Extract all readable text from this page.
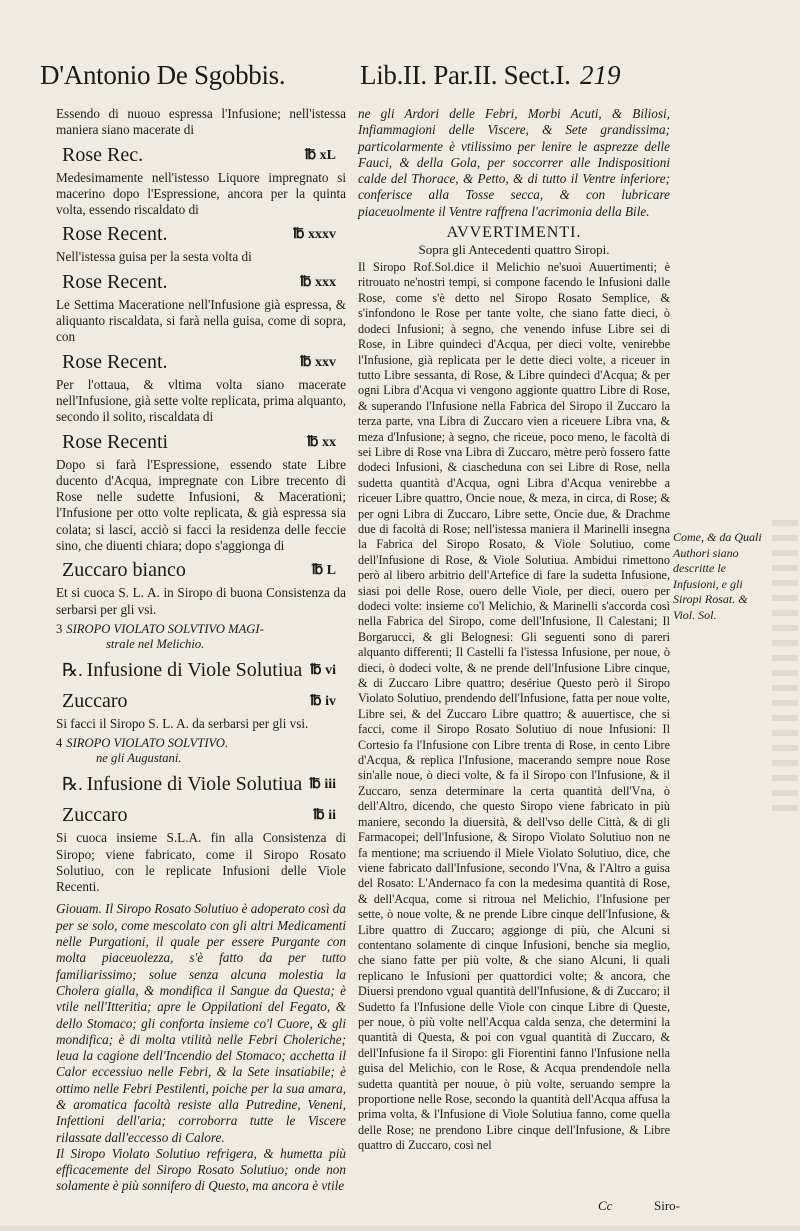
D'Antonio De Sgobbis.	Lib.II. Par.II. Sect.I. 219

Essendo di nuouo espressa l'Infusione; nell'istessa maniera siano macerate di

Rose Rec.	℔ xL

Medesimamente nell'istesso Liquore impregnato si macerino dopo l'Espressione, ancora per la quinta volta, essendo riscaldato di

Rose Recent.	℔ xxxv

Nell'istessa guisa per la sesta volta di

Rose Recent.	℔ xxx

Le Settima Maceratione nell'Infusione già espressa, & aliquanto riscaldata, si farà nella guisa, come di sopra, con

Rose Recent.	℔ xxv

Per l'ottaua, & vltima volta siano macerate nell'Infusione, già sette volte replicata, prima alquanto, secondo il solito, riscaldata di

Rose Recenti	℔ xx

Dopo si farà l'Espressione, essendo state Libre ducento d'Acqua, impregnate con Libre trecento di Rose nelle sudette Infusioni, & Macerationi; l'Infusione per otto volte replicata, & già espressa sia colata; si lasci, acciò si facci la residenza delle feccie sino, che diuenti chiara; dopo s'aggionga di

Zuccaro bianco	℔ L

Et si cuoca S. L. A. in Siropo di buona Consistenza da serbarsi per gli vsi.

3 SIROPO VIOLATO SOLVTIVO MAGI-
strale nel Melichio.
℞. Infusione di Viole Solutiua ℔ vi
Zuccaro	℔ iv

Si facci il Siropo S. L. A. da serbarsi per gli vsi.

4 SIROPO VIOLATO SOLVTIVO.
ne gli Augustani.
℞. Infusione di Viole Solutiua ℔ iii
Zuccaro	℔ ii

Si cuoca insieme S.L.A. fin alla Consistenza di Siropo; viene fabricato, come il Siropo Rosato Solutiuo, con le replicate Infusioni delle Viole Recenti.

Giouam. Il Siropo Rosato Solutiuo è adoperato così da per se solo, come mescolato con gli altri Medicamenti nelle Purgationi, il quale per essere Purgante con molta piaceuolezza, s'è fatto da per tutto familiarissimo; solue senza alcuna molestia la Cholera gialla, & mondifica il Sangue da Questa; è vtile nell'Itteritia; apre le Oppilationi del Fegato, & dello Stomaco; gli conforta insieme co'l Cuore, & gli mondifica; è di molta vtilità nelle Febri Choleriche; leua la cagione dell'Incendio del Stomaco; acchetta il Calor eccessiuo nelle Febri, & la Sete insatiabile; è ottimo nelle Febri Pestilenti, poiche per la sua amara, & aromatica facoltà resiste alla Putredine, Veneni, Infettioni dell'aria; corroborra tutte le Viscere rilassate dall'eccesso di Calore.

Il Siropo Violato Solutiuo refrigera, & humetta più efficacemente del Siropo Rosato Solutiuo; onde non solamente è più sonnifero di Questo, ma ancora è vtile

ne gli Ardori delle Febri, Morbi Acuti, & Biliosi, Infiammagioni delle Viscere, & Sete grandissima; particolarmente è vtilissimo per lenire le asprezze delle Fauci, & della Gola, per soccorrer alle Indispositioni calde del Thorace, & Petto, & di tutto il Ventre inferiore; conferisce alla Tosse secca, & con lubricare piaceuolmente il Ventre raffrena l'acrimonia della Bile.

AVVERTIMENTI.
Sopra gli Antecedenti quattro Siropi.

Il Siropo Rof.Sol.dice il Melichio ne'suoi Auuertimenti; è ritrouato ne'nostri tempi, si compone facendo le Infusioni dalle Rose, come s'è detto nel Siropo Rosato Semplice, & s'infondono le Rose per tante volte, che siano fatte dieci, ò dodeci Infusioni; à segno, che venendo infuse Libre sei di Rose, in Libre quindeci d'Acqua, per dieci volte, venirebbe l'Infusione, già replicata per le dette dieci volte, a riceuer in tutto Libre sessanta, di Rose, & Libre quindeci d'Acqua; & per ogni Libra d'Acqua vi vengono aggionte quattro Libre di Rose, & superando l'Infusione nella Fabrica del Siropo il Zuccaro la terza parte, vna Libra di Zuccaro vien a riceuere Libra vna, & meza d'Infusione; à segno, che riceue, poco meno, le facoltà di sei Libre di Rose vna Libra di Zuccaro, mètre però fossero fatte dodeci Infusioni, & ciascheduna con sei Libre di Rose, nella sudetta quantità d'Acqua, ogni Libra d'Acqua venirebbe a riceuer Libre quattro, Oncie noue, & meza, in circa, di Rose; & per ogni Libra di Zuccaro, Libre sette, Oncie due, & Drachme due di facoltà di Rose; nell'istessa maniera il Marinelli insegna la Fabrica del Siropo Rosato, & Viole Solutiuo, come dell'Infusione di Rose, & Viole Solutiua. Ambidui rimettono però al libero arbitrio dell'Artefice di fare la sudetta Infusione, siasi poi delle Rose, ouero delle Viole, per dieci, ouero per dodeci volte: insieme co'l Melichio, & Marinelli s'accorda così nella Fabrica del Siropo, come dell'Infusione, Il Calestani; Il Borgarucci, & gli Belognesi: Gli seguenti sono di pareri alquanto differenti; Il Castelli fa l'istessa Infusione, per noue, ò dieci, ò dodeci volte, & ne prende dell'Infusione Libre cinque, & di Zuccaro Libre quattro; desériue Questo però il Siropo Violato Solutiuo, prendendo dell'Infusione, fatta per noue volte, Libre sei, & del Zuccaro Libre quattro; & auuertisce, che si facci, come il Siropo Rosato Solutiuo di noue Infusioni: Il Cortesio fa l'Infusione con Libre trenta di Rose, in cento Libre d'Acqua, & replica l'Infusione, macerando sempre noue Rose sin'alle noue, ò dieci volte, & fa il Siropo con l'Infusione, & il Zuccaro, senza determinare la certa quantità dell'Vna, ò dell'Altro, dicendo, che questo Siropo viene fabricato in più maniere, secondo la diuersità, & dell'vso delle Città, & di gli Farmacopei; dell'Infusione, & Siropo Violato Solutiuo non ne fa mentione; ma scriuendo il Miele Violato Solutiuo, dice, che viene fabricato dall'Infusione, secondo l'Vna, & l'Altro a guisa del Rosato: L'Andernaco fa con la medesima quantità di Rose, & dell'Acqua, come si ritroua nel Melichio, l'Infusione per sette, ò noue volte, & ne prende Libre cinque dell'Infusione, & Libre quattro di Zuccaro; aggionge di più, che Alcuni si contentano solamente di cinque Infusioni, benche sia meglio, che siano fatte per più volte, & che siano Alcuni, li quali replicano le Infusioni per quattordici volte; & ancora, che Diuersi prendono vgual quantità dell'Infusione, & di Zuccaro; il Sudetto fa l'Infusione delle Viole con cinque Libre di Queste, per noue, ò più volte nell'Acqua calda senza, che determini la quantità di Questa, & poi con vgual quantità di Zuccaro, & dell'Infusione fa il Siropo: gli Fiorentini fanno l'Infusione nella guisa del Melichio, con le Rose, & Acqua prendendole nella sudetta quantità per nouue, ò più volte, seruando sempre la proportione nelle Rose, secondo la quantità dell'Acqua affusa la prima volta, & l'Infusione di Viole Solutiua fanno, come quella delle Rose; ne prendono Libre cinque dell'Infusione, & Libre quattro di Zuccaro, così nel

Come, & da Quali Authori siano descritte le Infusioni, e gli Siropi Rosat. & Viol. Sol.
Cc	Siro-
